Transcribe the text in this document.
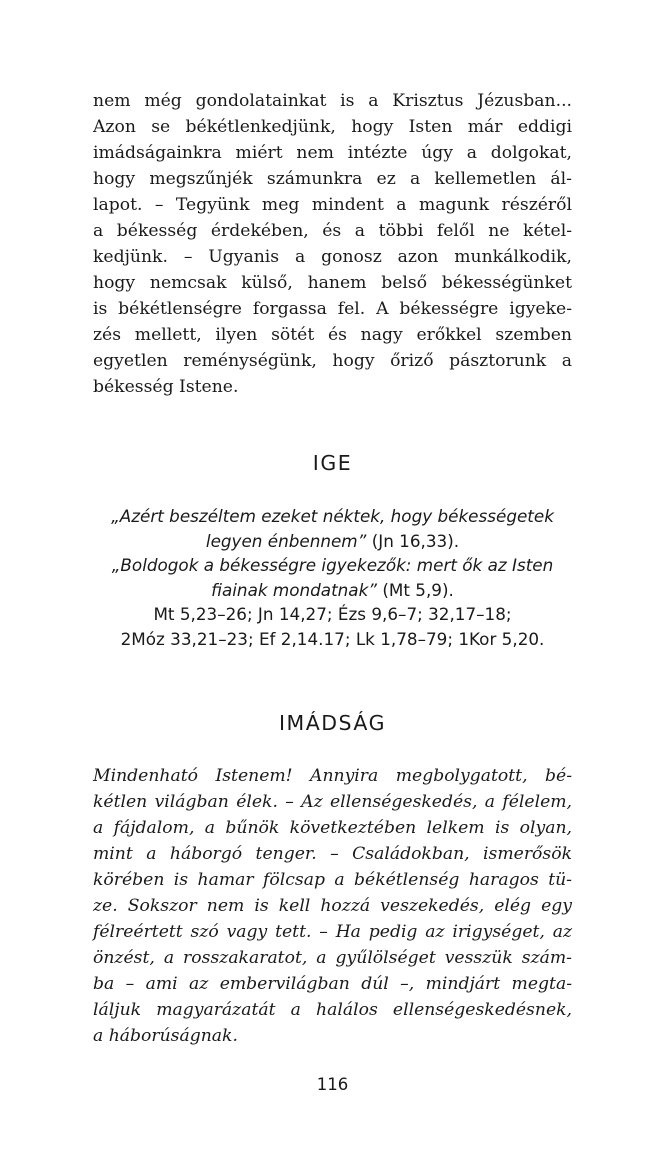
nem még gondolatainkat is a Krisztus Jézusban...
Azon se békétlenkedjünk, hogy Isten már eddigi
imádságainkra miért nem intézte úgy a dolgokat,
hogy megszűnjék számunkra ez a kellemetlen ál-
lapot. – Tegyünk meg mindent a magunk részéről
a békesség érdekében, és a többi felől ne kétel-
kedjünk. – Ugyanis a gonosz azon munkálkodik,
hogy nemcsak külső, hanem belső békességünket
is békétlenségre forgassa fel. A békességre igyeke-
zés mellett, ilyen sötét és nagy erőkkel szemben
egyetlen reménységünk, hogy őriző pásztorunk a
békesség Istene.
IGE
„Azért beszéltem ezeket néktek, hogy békességetek
legyen énbennem” (Jn 16,33).
„Boldogok a békességre igyekezők: mert ők az Isten
fiainak mondatnak” (Mt 5,9).
Mt 5,23–26; Jn 14,27; Ézs 9,6–7; 32,17–18;
2Móz 33,21–23; Ef 2,14.17; Lk 1,78–79; 1Kor 5,20.
IMÁDSÁG
Mindenható Istenem! Annyira megbolygatott, bé-
kétlen világban élek. – Az ellenségeskedés, a félelem,
a fájdalom, a bűnök következtében lelkem is olyan,
mint a háborgó tenger. – Családokban, ismerősök
körében is hamar fölcsap a békétlenség haragos tü-
ze. Sokszor nem is kell hozzá veszekedés, elég egy
félreértett szó vagy tett. – Ha pedig az irigységet, az
önzést, a rosszakaratot, a gyűlölséget vesszük szám-
ba – ami az embervilágban dúl –, mindjárt megta-
láljuk magyarázatát a halálos ellenségeskedésnek,
a háborúságnak.
116
